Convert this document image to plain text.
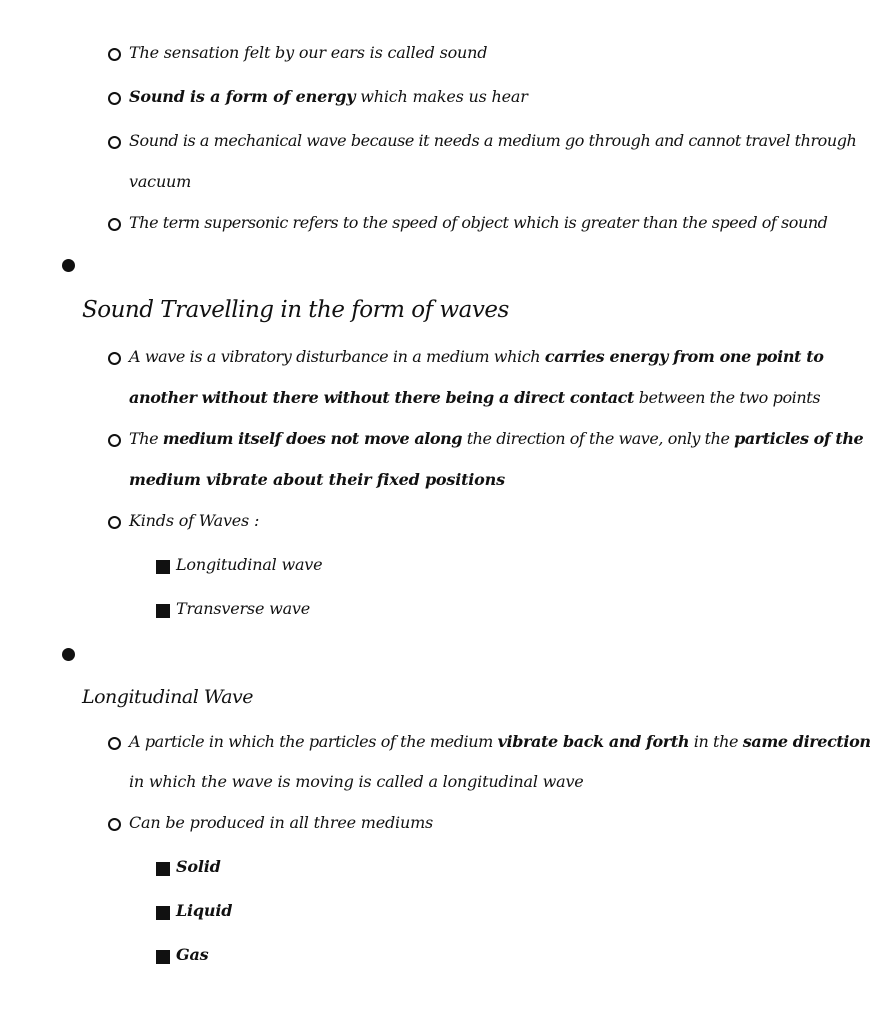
The sensation felt by our ears is called sound
Sound is a form of energy which makes us hear
Sound is a mechanical wave because it needs a medium go through and cannot travel through
vacuum
The term supersonic refers to the speed of object which is greater than the speed of sound
Sound Travelling in the form of waves
A wave is a vibratory disturbance in a medium which carries energy from one point to
another without there without there being a direct contact between the two points
The medium itself does not move along the direction of the wave, only the particles of the
medium vibrate about their fixed positions
Kinds of Waves :
Longitudinal wave
Transverse wave
Longitudinal Wave
A particle in which the particles of the medium vibrate back and forth in the same direction
in which the wave is moving is called a longitudinal wave
Can be produced in all three mediums
Solid
Liquid
Gas
